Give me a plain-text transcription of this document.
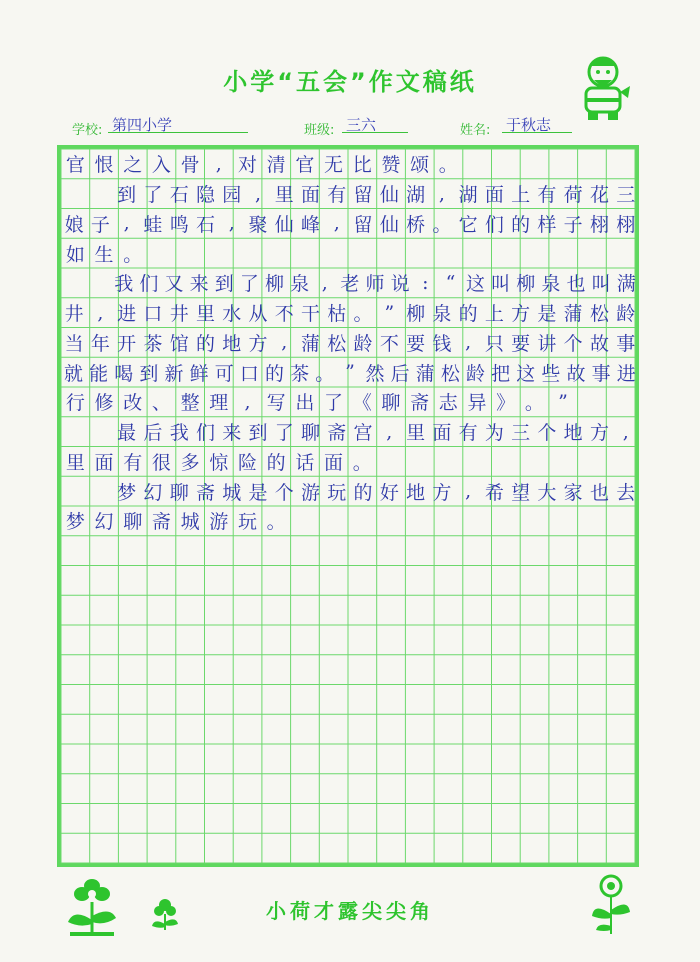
小学“五会”作文稿纸
学校: 第四小学	班级: 三六	姓名: 于秋志
官 恨 之 入 骨 , 对 清 官 无 比 赞 颂 。

到 了 石 隐 园 , 里 面 有 留 仙 湖 , 湖 面 上 有 荷 花 三
娘 子 , 蛙 鸣 石 , 聚 仙 峰 , 留 仙 桥 。 它 们 的 样 子 栩 栩
如 生 。

我 们 又 来 到 了 柳 泉 , 老 师 说 : “ 这 叫 柳 泉 也 叫 满
井 , 进 口 井 里 水 从 不 干 枯 。 ” 柳 泉 的 上 方 是 蒲 松 龄
当 年 开 茶 馆 的 地 方 , 蒲 松 龄 不 要 钱 , 只 要 讲 个 故 事
就 能 喝 到 新 鲜 可 口 的 茶 。 ” 然 后 蒲 松 龄 把 这 些 故 事 进
行 修 改 、 整 理 , 写 出 了 《 聊 斋 志 异 》 。 ”

最 后 我 们 来 到 了 聊 斋 宫 , 里 面 有 为 三 个 地 方 ,
里 面 有 很 多 惊 险 的 话 面 。

梦 幻 聊 斋 城 是 个 游 玩 的 好 地 方 , 希 望 大 家 也 去
梦 幻 聊 斋 城 游 玩 。
小荷才露尖尖角
